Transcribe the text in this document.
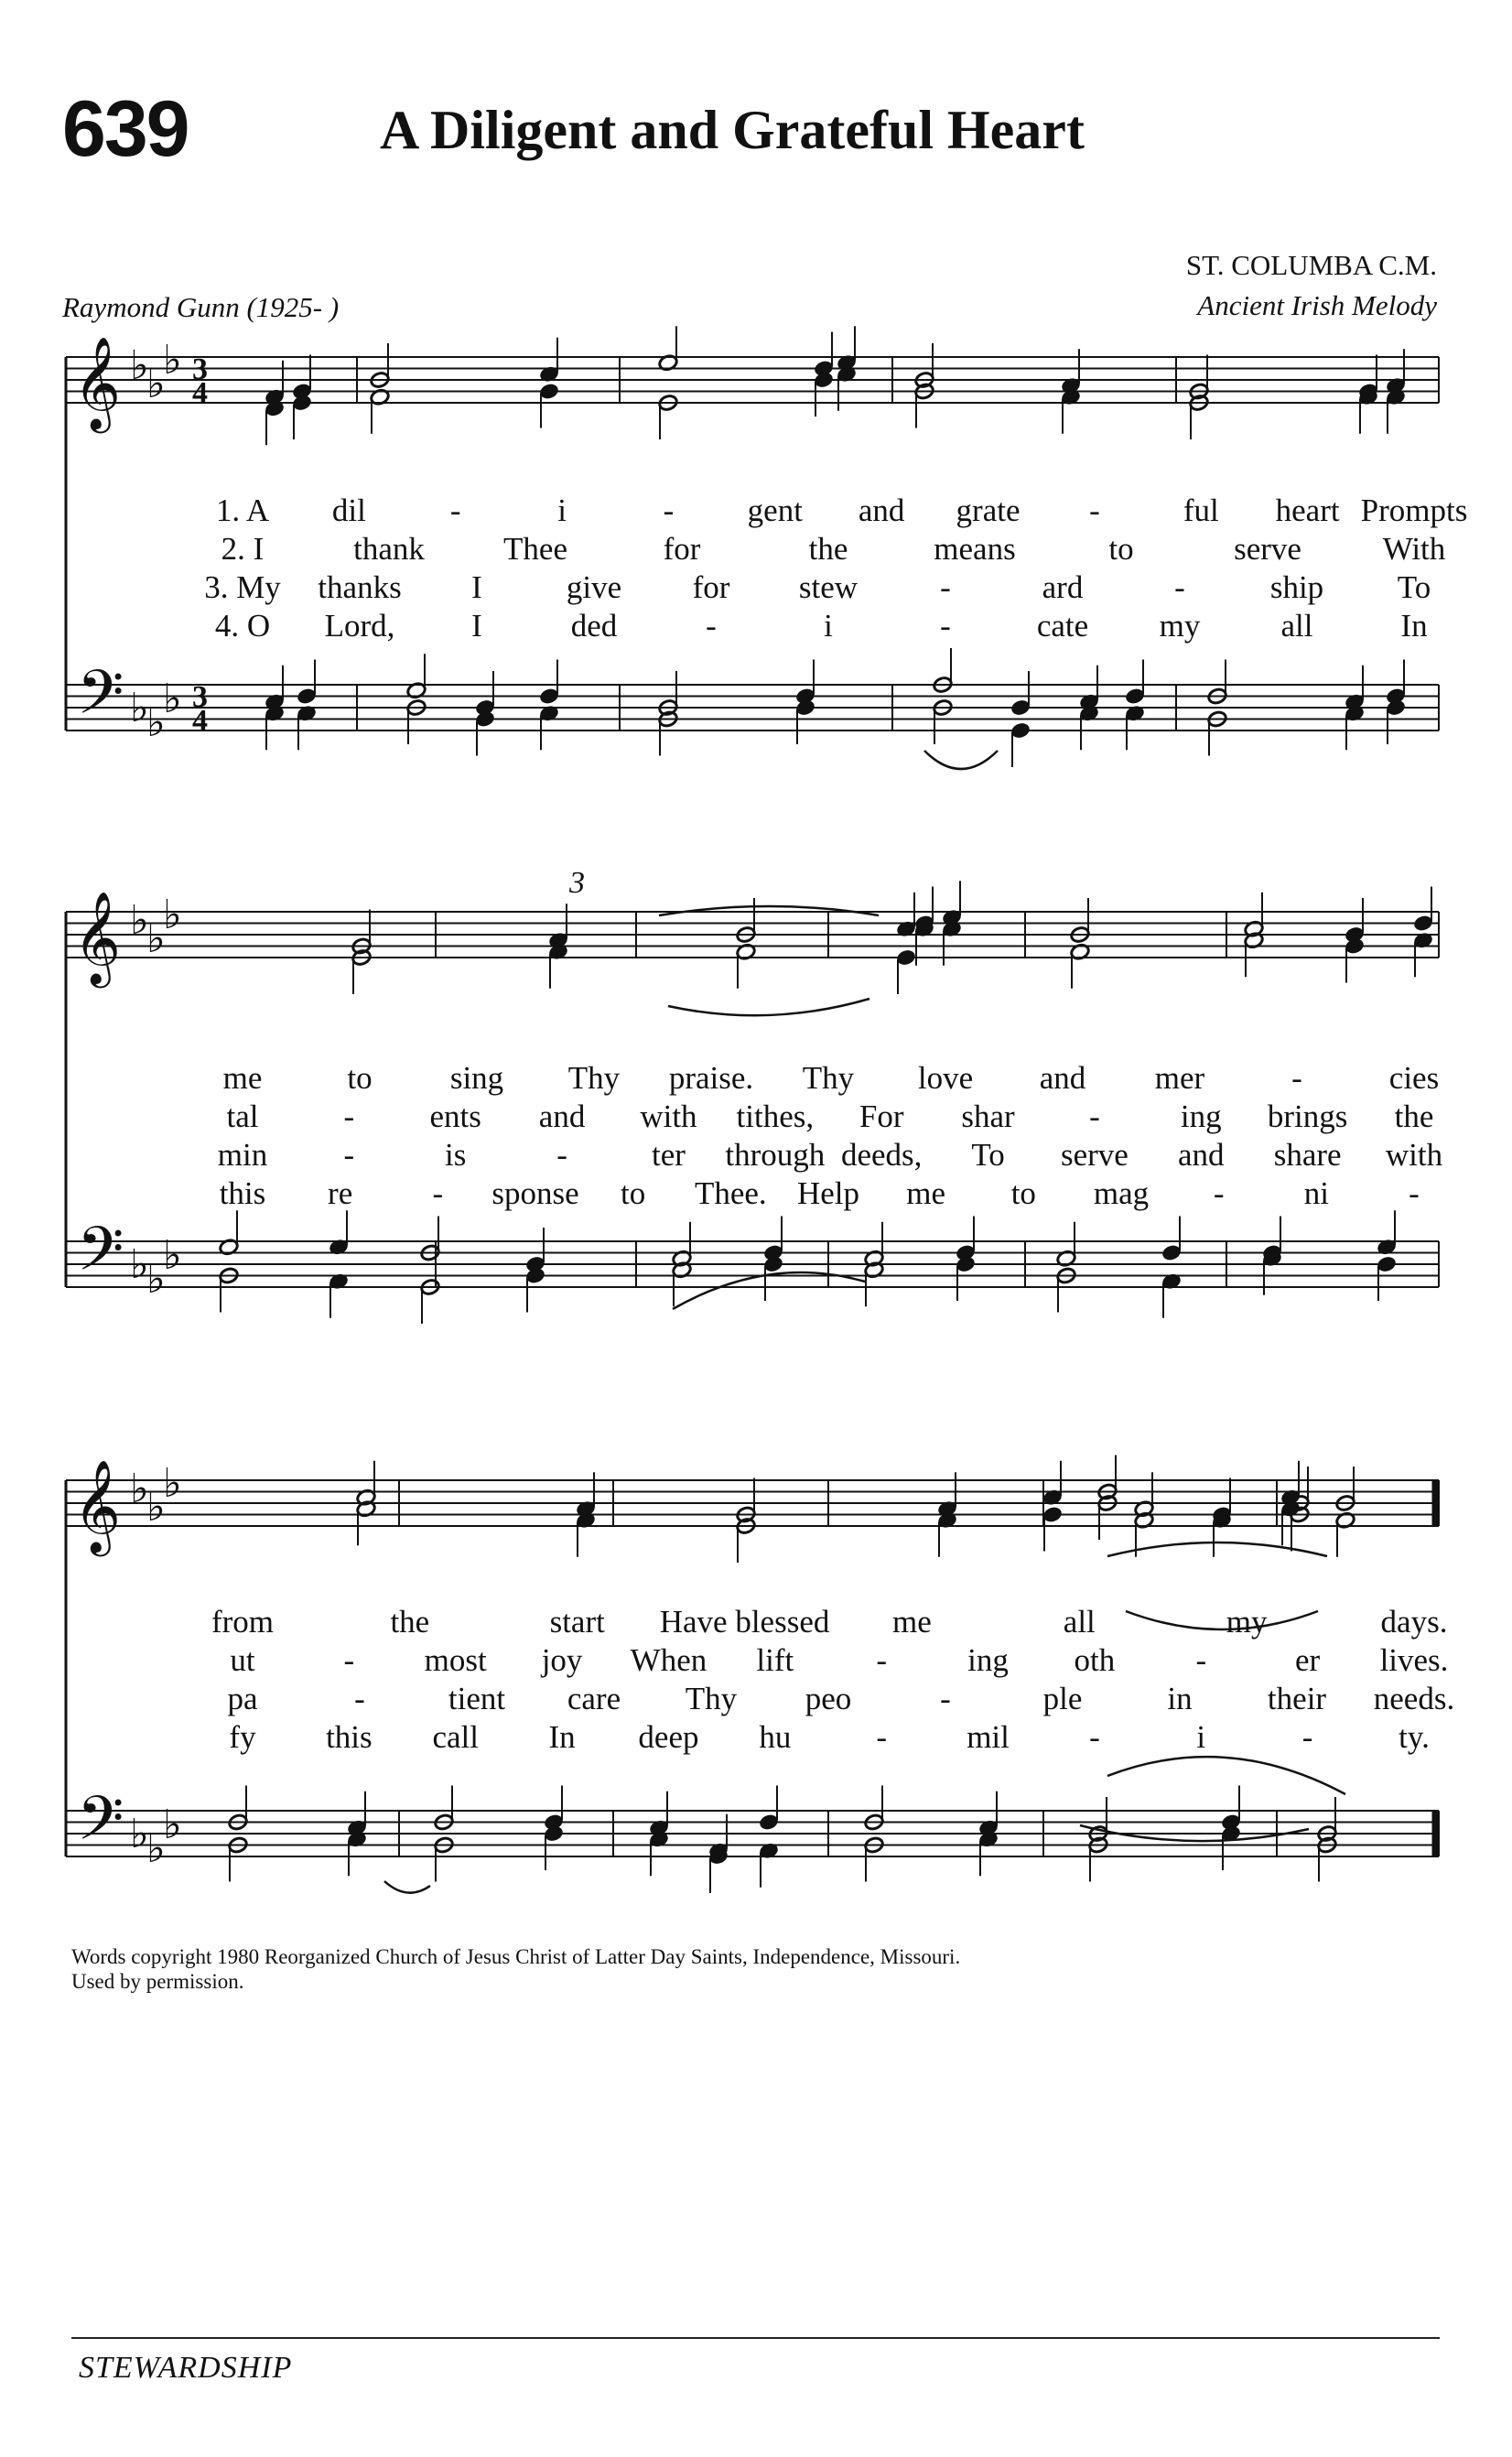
639	A Diligent and Grateful Heart
ST. COLUMBA C.M.
Ancient Irish Melody
Raymond Gunn (1925- )
𝄞
𝄢
♭
♭
♭
♭
♭
♭
3
4
3
4
𝄞
𝄢
♭
♭
♭
♭
♭
♭
𝄞
𝄢
♭
♭
♭
♭
♭
♭
3
1. A dil	-	i	- gent and grate -	ful heart Prompts
2. I	thank Thee	for	the	means	to	serve	With
3. My thanks I	give for stew	-	ard	-	ship To
4. O Lord, I	ded	-	i	-	cate my	all	In
me	to sing Thy praise. Thy love and mer	-	cies
tal	- ents and with tithes, For shar -	ing brings the
min -	is	-	ter through deeds, To serve and share with
this re - sponse to Thee. Help me to mag - ni -
from	the	start Have blessed me	all	my	days.
ut	- most joy When lift	-	ing oth	-	er lives.
pa	-	tient care Thy peo	-	ple	in their needs.
fy this call In deep hu	- mil -	i	-	ty.
Words copyright 1980 Reorganized Church of Jesus Christ of Latter Day Saints, Independence, Missouri.
Used by permission.
STEWARDSHIP
